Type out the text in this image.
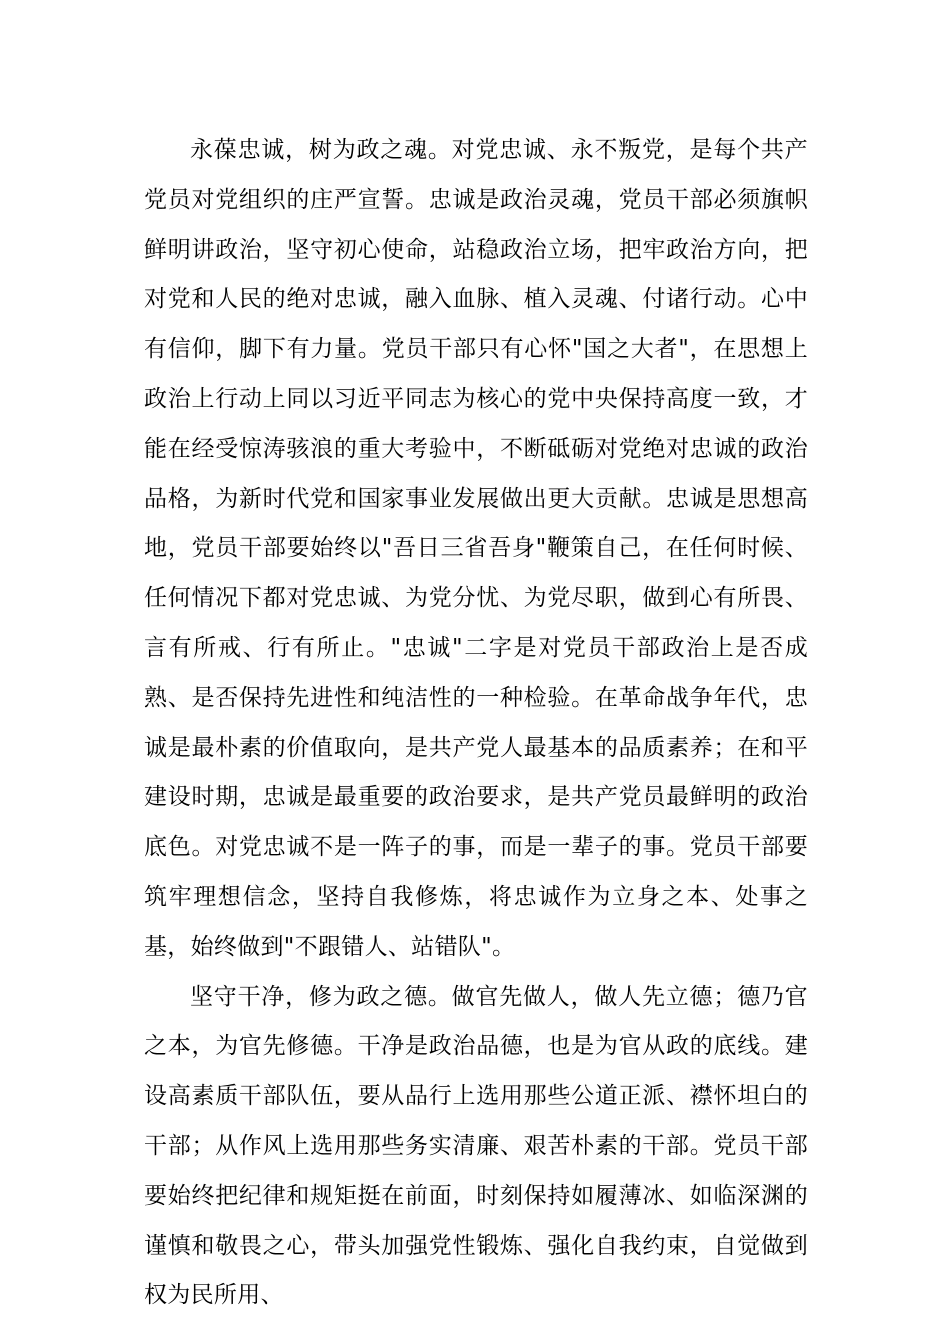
永葆忠诚，树为政之魂。对党忠诚、永不叛党，是每个共产党员对党组织的庄严宣誓。忠诚是政治灵魂，党员干部必须旗帜鲜明讲政治，坚守初心使命，站稳政治立场，把牢政治方向，把对党和人民的绝对忠诚，融入血脉、植入灵魂、付诸行动。心中有信仰，脚下有力量。党员干部只有心怀"国之大者"，在思想上政治上行动上同以习近平同志为核心的党中央保持高度一致，才能在经受惊涛骇浪的重大考验中，不断砥砺对党绝对忠诚的政治品格，为新时代党和国家事业发展做出更大贡献。忠诚是思想高地，党员干部要始终以"吾日三省吾身"鞭策自己，在任何时候、任何情况下都对党忠诚、为党分忧、为党尽职，做到心有所畏、言有所戒、行有所止。"忠诚"二字是对党员干部政治上是否成熟、是否保持先进性和纯洁性的一种检验。在革命战争年代，忠诚是最朴素的价值取向，是共产党人最基本的品质素养；在和平建设时期，忠诚是最重要的政治要求，是共产党员最鲜明的政治底色。对党忠诚不是一阵子的事，而是一辈子的事。党员干部要筑牢理想信念，坚持自我修炼，将忠诚作为立身之本、处事之基，始终做到"不跟错人、站错队"。

坚守干净，修为政之德。做官先做人，做人先立德；德乃官之本，为官先修德。干净是政治品德，也是为官从政的底线。建设高素质干部队伍，要从品行上选用那些公道正派、襟怀坦白的干部；从作风上选用那些务实清廉、艰苦朴素的干部。党员干部要始终把纪律和规矩挺在前面，时刻保持如履薄冰、如临深渊的谨慎和敬畏之心，带头加强党性锻炼、强化自我约束，自觉做到权为民所用、
